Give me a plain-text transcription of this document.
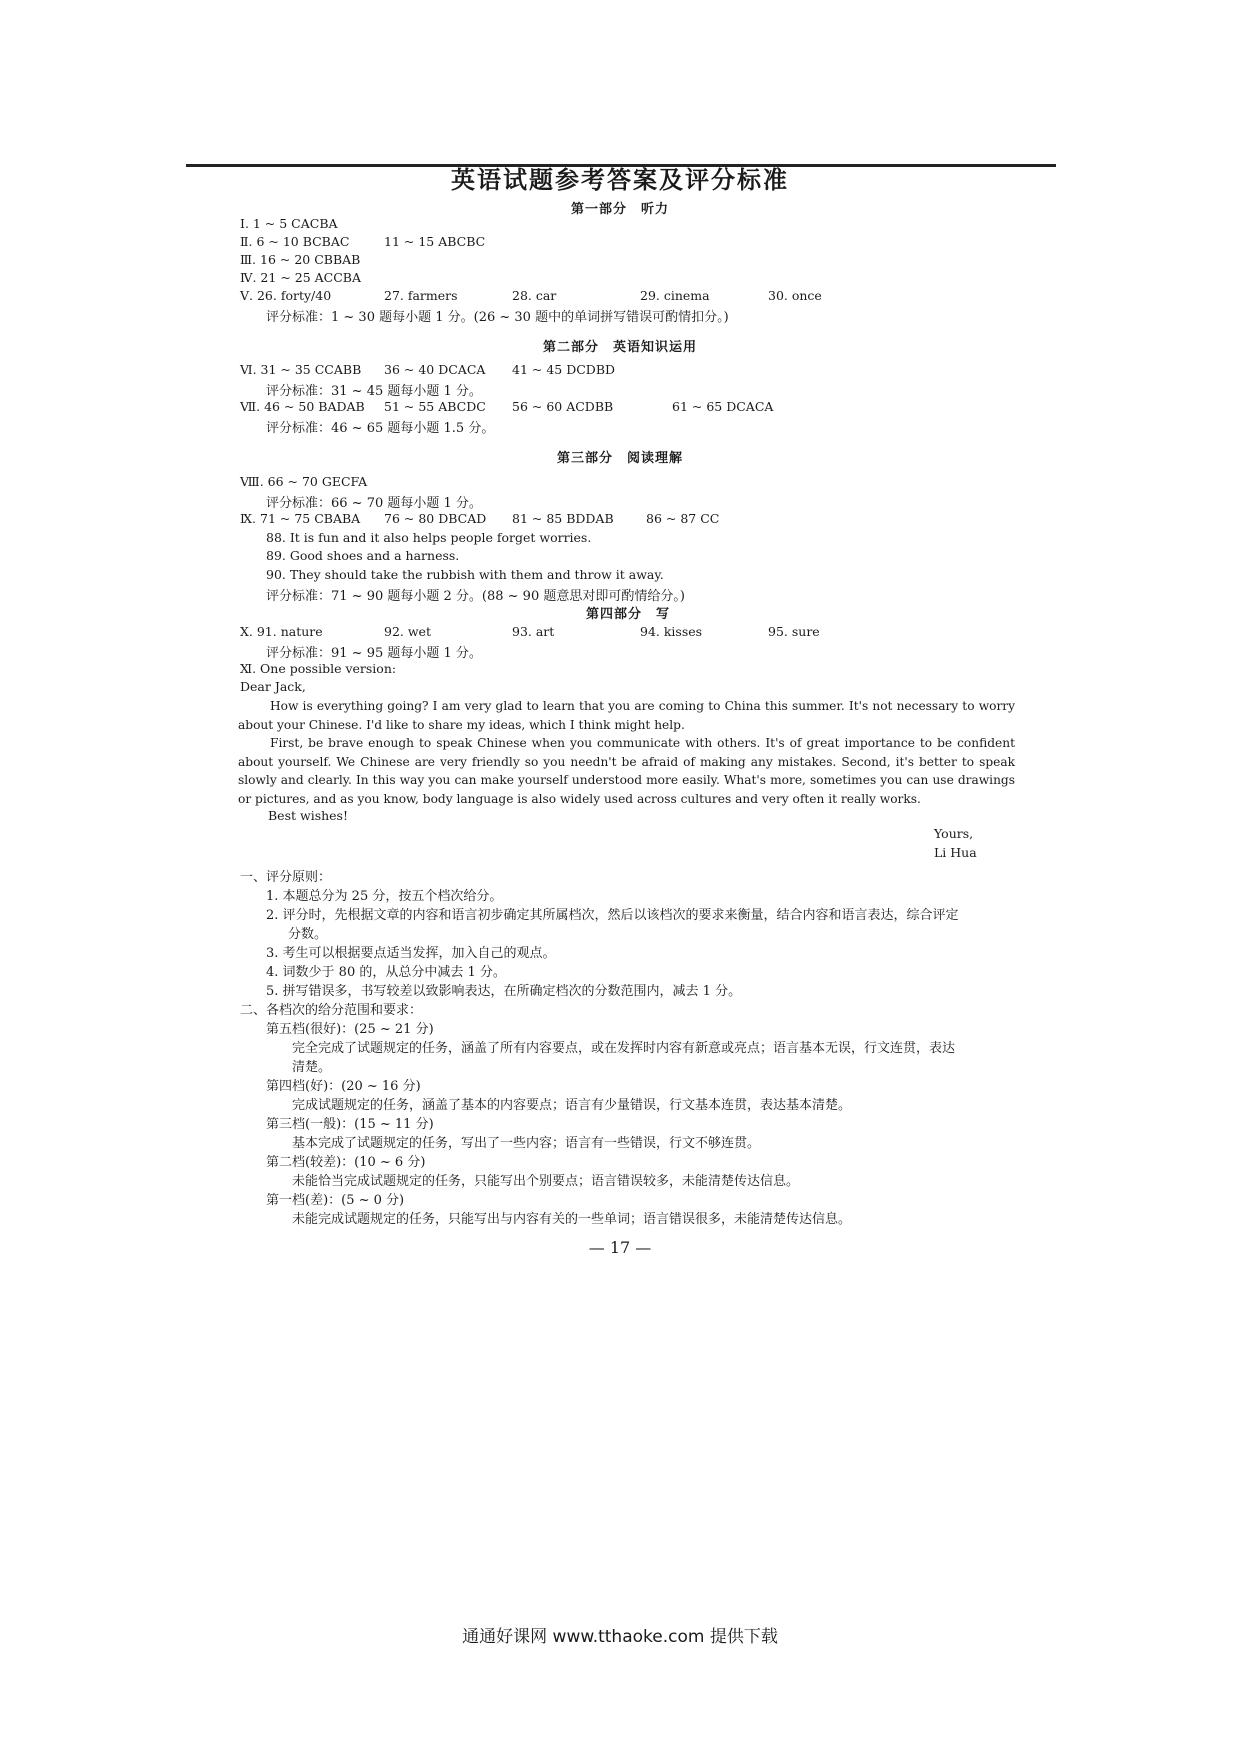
英语试题参考答案及评分标准
第一部分　听力
Ⅰ. 1 ~ 5 CACBA
Ⅱ. 6 ~ 10 BCBAC	11 ~ 15 ABCBC
Ⅲ. 16 ~ 20 CBBAB
Ⅳ. 21 ~ 25 ACCBA
Ⅴ. 26. forty/40	27. farmers	28. car	29. cinema	30. once
评分标准：1 ~ 30 题每小题 1 分。(26 ~ 30 题中的单词拼写错误可酌情扣分。)
第二部分　英语知识运用
Ⅵ. 31 ~ 35 CCABB 36 ~ 40 DCACA 41 ~ 45 DCDBD
评分标准：31 ~ 45 题每小题 1 分。
Ⅶ. 46 ~ 50 BADAB 51 ~ 55 ABCDC 56 ~ 60 ACDBB	61 ~ 65 DCACA
评分标准：46 ~ 65 题每小题 1.5 分。
第三部分　阅读理解
Ⅷ. 66 ~ 70 GECFA
评分标准：66 ~ 70 题每小题 1 分。
Ⅸ. 71 ~ 75 CBABA 76 ~ 80 DBCAD 81 ~ 85 BDDAB	86 ~ 87 CC
88. It is fun and it also helps people forget worries.
89. Good shoes and a harness.
90. They should take the rubbish with them and throw it away.
评分标准：71 ~ 90 题每小题 2 分。(88 ~ 90 题意思对即可酌情给分。)
第四部分　写
Ⅹ. 91. nature	92. wet	93. art	94. kisses	95. sure
评分标准：91 ~ 95 题每小题 1 分。
Ⅺ. One possible version:
Dear Jack,
How is everything going? I am very glad to learn that you are coming to China this summer. It's not necessary to worry about your Chinese. I'd like to share my ideas, which I think might help.
First, be brave enough to speak Chinese when you communicate with others. It's of great importance to be confident about yourself. We Chinese are very friendly so you needn't be afraid of making any mistakes. Second, it's better to speak slowly and clearly. In this way you can make yourself understood more easily. What's more, sometimes you can use drawings or pictures, and as you know, body language is also widely used across cultures and very often it really works.
Best wishes!
Yours,
Li Hua
一、评分原则：
1. 本题总分为 25 分，按五个档次给分。
2. 评分时，先根据文章的内容和语言初步确定其所属档次，然后以该档次的要求来衡量，结合内容和语言表达，综合评定
分数。
3. 考生可以根据要点适当发挥，加入自己的观点。
4. 词数少于 80 的，从总分中减去 1 分。
5. 拼写错误多，书写较差以致影响表达，在所确定档次的分数范围内，减去 1 分。
二、各档次的给分范围和要求：
第五档(很好)：(25 ~ 21 分)
完全完成了试题规定的任务，涵盖了所有内容要点，或在发挥时内容有新意或亮点；语言基本无误，行文连贯，表达
清楚。
第四档(好)：(20 ~ 16 分)
完成试题规定的任务，涵盖了基本的内容要点；语言有少量错误，行文基本连贯，表达基本清楚。
第三档(一般)：(15 ~ 11 分)
基本完成了试题规定的任务，写出了一些内容；语言有一些错误，行文不够连贯。
第二档(较差)：(10 ~ 6 分)
未能恰当完成试题规定的任务，只能写出个别要点；语言错误较多，未能清楚传达信息。
第一档(差)：(5 ~ 0 分)
未能完成试题规定的任务，只能写出与内容有关的一些单词；语言错误很多，未能清楚传达信息。
— 17 —
通通好课网 www.tthaoke.com 提供下载
